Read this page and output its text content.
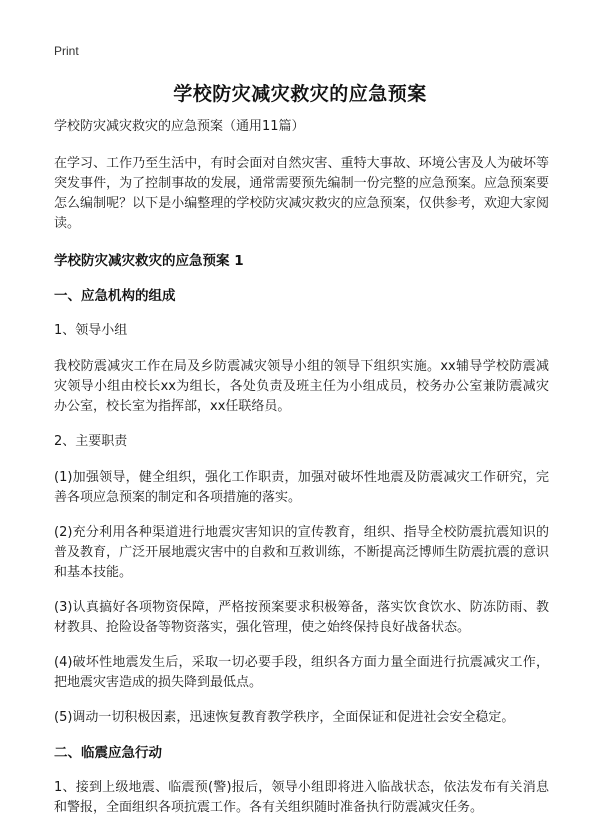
Print
学校防灾减灾救灾的应急预案

学校防灾减灾救灾的应急预案（通用11篇）

在学习、工作乃至生活中，有时会面对自然灾害、重特大事故、环境公害及人为破坏等突发事件，为了控制事故的发展，通常需要预先编制一份完整的应急预案。应急预案要怎么编制呢？以下是小编整理的学校防灾减灾救灾的应急预案，仅供参考，欢迎大家阅读。

学校防灾减灾救灾的应急预案 1

一、应急机构的组成

1、领导小组

我校防震减灾工作在局及乡防震减灾领导小组的领导下组织实施。xx辅导学校防震减灾领导小组由校长xx为组长，各处负责及班主任为小组成员，校务办公室兼防震减灾办公室，校长室为指挥部，xx任联络员。

2、主要职责

(1)加强领导，健全组织，强化工作职责，加强对破坏性地震及防震减灾工作研究，完善各项应急预案的制定和各项措施的落实。

(2)充分利用各种渠道进行地震灾害知识的宣传教育，组织、指导全校防震抗震知识的普及教育，广泛开展地震灾害中的自救和互救训练，不断提高泛博师生防震抗震的意识和基本技能。

(3)认真搞好各项物资保障，严格按预案要求积极筹备，落实饮食饮水、防冻防雨、教材教具、抢险设备等物资落实，强化管理，使之始终保持良好战备状态。

(4)破坏性地震发生后，采取一切必要手段，组织各方面力量全面进行抗震减灾工作，把地震灾害造成的损失降到最低点。

(5)调动一切积极因素，迅速恢复教育教学秩序，全面保证和促进社会安全稳定。

二、临震应急行动

1、接到上级地震、临震预(警)报后，领导小组即将进入临战状态，依法发布有关消息和警报，全面组织各项抗震工作。各有关组织随时准备执行防震减灾任务。
